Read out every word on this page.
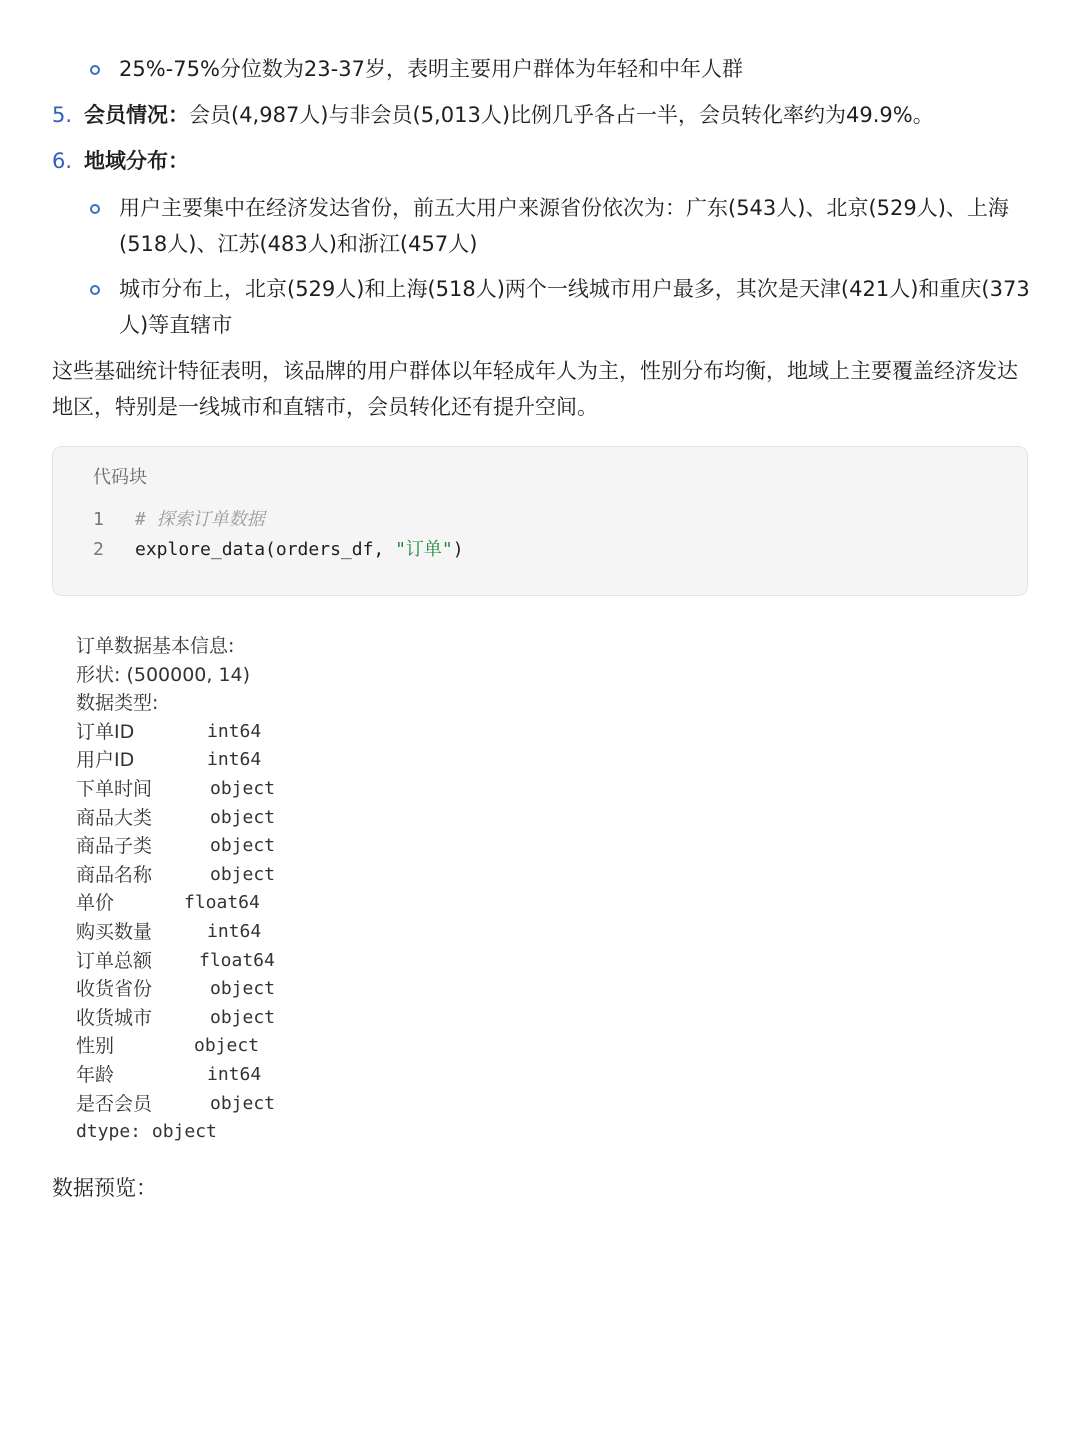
25%-75%分位数为23-37岁，表明主要用户群体为年轻和中年人群
5. 会员情况：会员(4,987人)与非会员(5,013人)比例几乎各占一半，会员转化率约为49.9%。
6. 地域分布：
用户主要集中在经济发达省份，前五大用户来源省份依次为：广东(543人)、北京(529人)、上海(518人)、江苏(483人)和浙江(457人)
城市分布上，北京(529人)和上海(518人)两个一线城市用户最多，其次是天津(421人)和重庆(373人)等直辖市
这些基础统计特征表明，该品牌的用户群体以年轻成年人为主，性别分布均衡，地域上主要覆盖经济发达地区，特别是一线城市和直辖市，会员转化还有提升空间。
代码块
1 # 探索订单数据
2 explore_data(orders_df, "订单")
订单数据基本信息:
形状: (500000, 14)
数据类型:
订单ID	int64
用户ID	int64
下单时间	object
商品大类	object
商品子类	object
商品名称	object
单价	float64
购买数量	int64
订单总额	float64
收货省份	object
收货城市	object
性别	object
年龄	int64
是否会员	object
dtype: object
数据预览：
